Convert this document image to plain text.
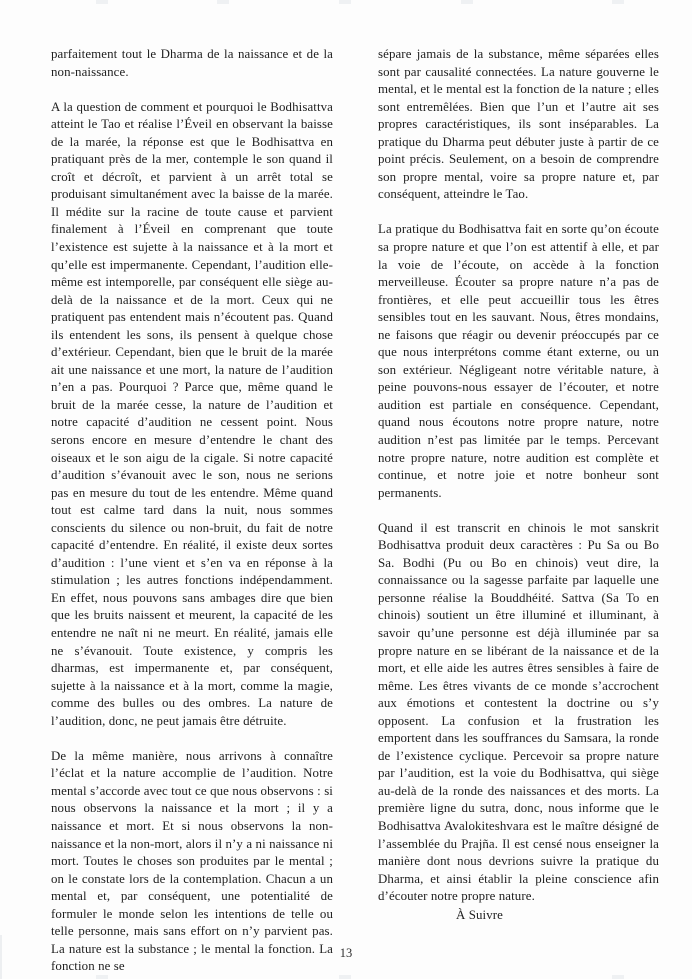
parfaitement tout le Dharma de la naissance et de la non-naissance.

A la question de comment et pourquoi le Bodhisattva atteint le Tao et réalise l’Éveil en observant la baisse de la marée, la réponse est que le Bodhisattva en pratiquant près de la mer, contemple le son quand il croît et décroît, et parvient à un arrêt total se produisant simultanément avec la baisse de la marée. Il médite sur la racine de toute cause et parvient finalement à l’Éveil en comprenant que toute l’existence est sujette à la naissance et à la mort et qu’elle est impermanente. Cependant, l’audition elle-même est intemporelle, par conséquent elle siège au-delà de la naissance et de la mort. Ceux qui ne pratiquent pas entendent mais n’écoutent pas. Quand ils entendent les sons, ils pensent à quelque chose d’extérieur. Cependant, bien que le bruit de la marée ait une naissance et une mort, la nature de l’audition n’en a pas. Pourquoi ? Parce que, même quand le bruit de la marée cesse, la nature de l’audition et notre capacité d’audition ne cessent point. Nous serons encore en mesure d’entendre le chant des oiseaux et le son aigu de la cigale. Si notre capacité d’audition s’évanouit avec le son, nous ne serions pas en mesure du tout de les entendre. Même quand tout est calme tard dans la nuit, nous sommes conscients du silence ou non-bruit, du fait de notre capacité d’entendre. En réalité, il existe deux sortes d’audition : l’une vient et s’en va en réponse à la stimulation ; les autres fonctions indépendamment. En effet, nous pouvons sans ambages dire que bien que les bruits naissent et meurent, la capacité de les entendre ne naît ni ne meurt. En réalité, jamais elle ne s’évanouit. Toute existence, y compris les dharmas, est impermanente et, par conséquent, sujette à la naissance et à la mort, comme la magie, comme des bulles ou des ombres. La nature de l’audition, donc, ne peut jamais être détruite.

De la même manière, nous arrivons à connaître l’éclat et la nature accomplie de l’audition. Notre mental s’accorde avec tout ce que nous observons : si nous observons la naissance et la mort ; il y a naissance et mort. Et si nous observons la non-naissance et la non-mort, alors il n’y a ni naissance ni mort. Toutes le choses son produites par le mental ; on le constate lors de la contemplation. Chacun a un mental et, par conséquent, une potentialité de formuler le monde selon les intentions de telle ou telle personne, mais sans effort on n’y parvient pas. La nature est la substance ; le mental la fonction. La fonction ne se

sépare jamais de la substance, même séparées elles sont par causalité connectées. La nature gouverne le mental, et le mental est la fonction de la nature ; elles sont entremêlées. Bien que l’un et l’autre ait ses propres caractéristiques, ils sont inséparables. La pratique du Dharma peut débuter juste à partir de ce point précis. Seulement, on a besoin de comprendre son propre mental, voire sa propre nature et, par conséquent, atteindre le Tao.

La pratique du Bodhisattva fait en sorte qu’on écoute sa propre nature et que l’on est attentif à elle, et par la voie de l’écoute, on accède à la fonction merveilleuse. Écouter sa propre nature n’a pas de frontières, et elle peut accueillir tous les êtres sensibles tout en les sauvant. Nous, êtres mondains, ne faisons que réagir ou devenir préoccupés par ce que nous interprétons comme étant externe, ou un son extérieur. Négligeant notre véritable nature, à peine pouvons-nous essayer de l’écouter, et notre audition est partiale en conséquence. Cependant, quand nous écoutons notre propre nature, notre audition n’est pas limitée par le temps. Percevant notre propre nature, notre audition est complète et continue, et notre joie et notre bonheur sont permanents.

Quand il est transcrit en chinois le mot sanskrit Bodhisattva produit deux caractères : Pu Sa ou Bo Sa. Bodhi (Pu ou Bo en chinois) veut dire, la connaissance ou la sagesse parfaite par laquelle une personne réalise la Bouddhéité. Sattva (Sa To en chinois) soutient un être illuminé et illuminant, à savoir qu’une personne est déjà illuminée par sa propre nature en se libérant de la naissance et de la mort, et elle aide les autres êtres sensibles à faire de même. Les êtres vivants de ce monde s’accrochent aux émotions et contestent la doctrine ou s’y opposent. La confusion et la frustration les emportent dans les souffrances du Samsara, la ronde de l’existence cyclique. Percevoir sa propre nature par l’audition, est la voie du Bodhisattva, qui siège au-delà de la ronde des naissances et des morts. La première ligne du sutra, donc, nous informe que le Bodhisattva Avalokiteshvara est le maître désigné de l’assemblée du Prajña. Il est censé nous enseigner la manière dont nous devrions suivre la pratique du Dharma, et ainsi établir la pleine conscience afin d’écouter notre propre nature.

À Suivre

13
